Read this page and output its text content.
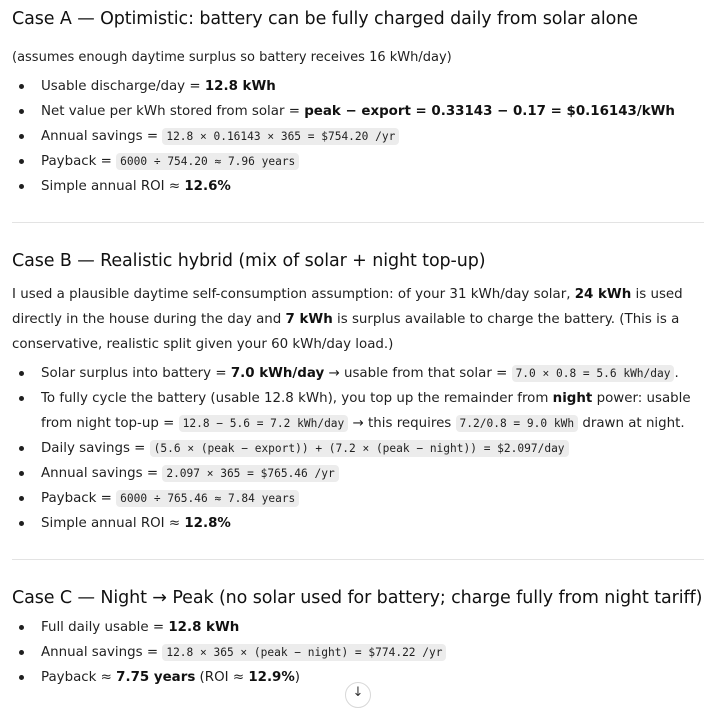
Case A — Optimistic: battery can be fully charged daily from solar alone

(assumes enough daytime surplus so battery receives 16 kWh/day)

Usable discharge/day = 12.8 kWh
Net value per kWh stored from solar = peak − export = 0.33143 − 0.17 = $0.16143/kWh
Annual savings = 12.8 × 0.16143 × 365 = $754.20 /yr
Payback = 6000 ÷ 754.20 ≈ 7.96 years
Simple annual ROI ≈ 12.6%
Case B — Realistic hybrid (mix of solar + night top-up)

I used a plausible daytime self-consumption assumption: of your 31 kWh/day solar, 24 kWh is used directly in the house during the day and 7 kWh is surplus available to charge the battery. (This is a conservative, realistic split given your 60 kWh/day load.)

Solar surplus into battery = 7.0 kWh/day → usable from that solar = 7.0 × 0.8 = 5.6 kWh/day .
To fully cycle the battery (usable 12.8 kWh), you top up the remainder from night power: usable from night top-up = 12.8 − 5.6 = 7.2 kWh/day → this requires 7.2/0.8 = 9.0 kWh drawn at night.
Daily savings = (5.6 × (peak − export)) + (7.2 × (peak − night)) = $2.097/day
Annual savings = 2.097 × 365 = $765.46 /yr
Payback = 6000 ÷ 765.46 ≈ 7.84 years
Simple annual ROI ≈ 12.8%
Case C — Night → Peak (no solar used for battery; charge fully from night tariff)
Full daily usable = 12.8 kWh
Annual savings = 12.8 × 365 × (peak − night) = $774.22 /yr
Payback ≈ 7.75 years (ROI ≈ 12.9%)
↓
